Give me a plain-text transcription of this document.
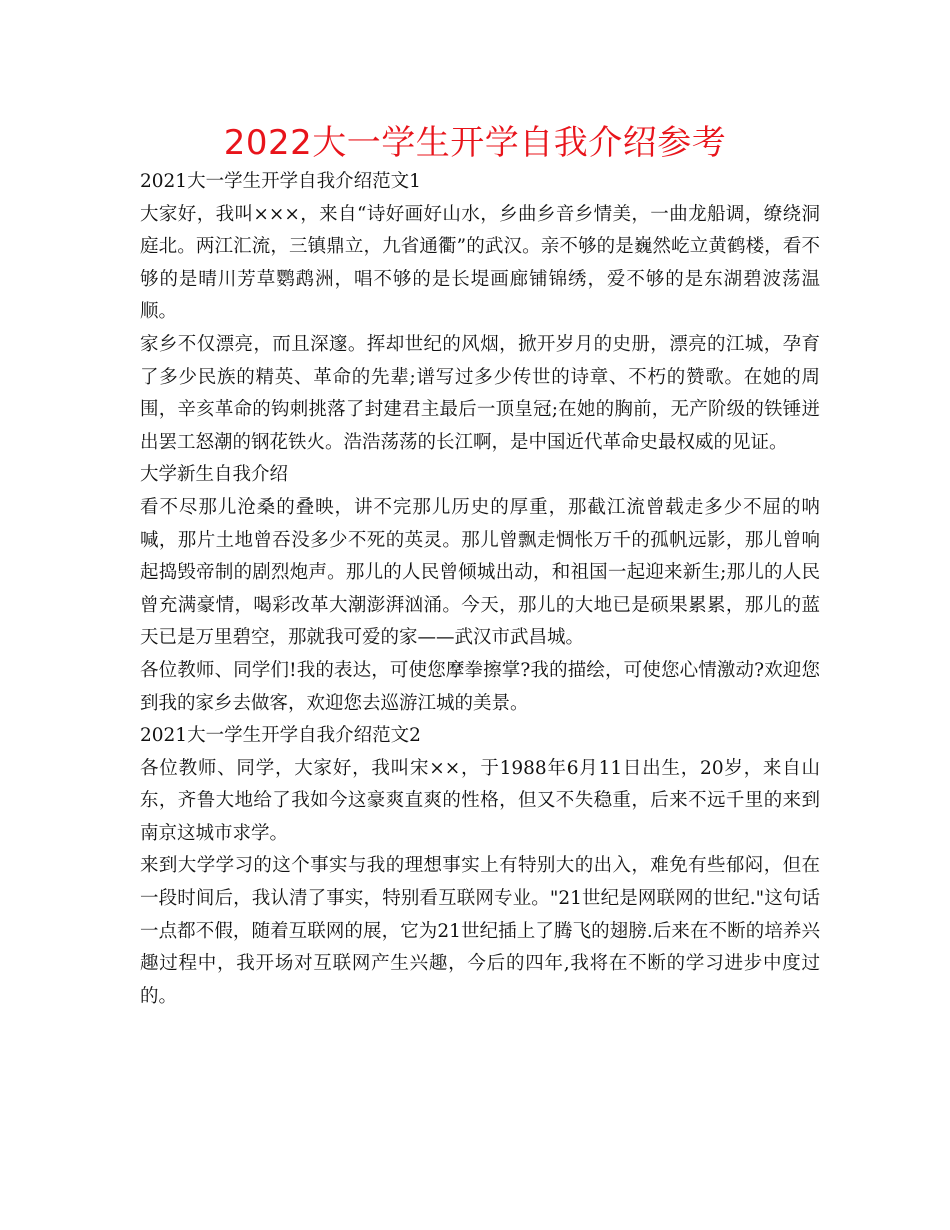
2022大一学生开学自我介绍参考

2021大一学生开学自我介绍范文1

大家好，我叫×××，来自“诗好画好山水，乡曲乡音乡情美，一曲龙船调，缭绕洞庭北。两江汇流，三镇鼎立，九省通衢”的武汉。亲不够的是巍然屹立黄鹤楼，看不够的是晴川芳草鹦鹉洲，唱不够的是长堤画廊铺锦绣，爱不够的是东湖碧波荡温顺。

家乡不仅漂亮，而且深邃。挥却世纪的风烟，掀开岁月的史册，漂亮的江城，孕育了多少民族的精英、革命的先辈;谱写过多少传世的诗章、不朽的赞歌。在她的周围，辛亥革命的钩刺挑落了封建君主最后一顶皇冠;在她的胸前，无产阶级的铁锤迸出罢工怒潮的钢花铁火。浩浩荡荡的长江啊，是中国近代革命史最权威的见证。

大学新生自我介绍

看不尽那儿沧桑的叠映，讲不完那儿历史的厚重，那截江流曾载走多少不屈的呐喊，那片土地曾吞没多少不死的英灵。那儿曾飘走惆怅万千的孤帆远影，那儿曾响起捣毁帝制的剧烈炮声。那儿的人民曾倾城出动，和祖国一起迎来新生;那儿的人民曾充满豪情，喝彩改革大潮澎湃汹涌。今天，那儿的大地已是硕果累累，那儿的蓝天已是万里碧空，那就我可爱的家——武汉市武昌城。

各位教师、同学们!我的表达，可使您摩拳擦掌?我的描绘，可使您心情激动?欢迎您到我的家乡去做客，欢迎您去巡游江城的美景。

2021大一学生开学自我介绍范文2

各位教师、同学，大家好，我叫宋××，于1988年6月11日出生，20岁，来自山东，齐鲁大地给了我如今这豪爽直爽的性格，但又不失稳重，后来不远千里的来到南京这城市求学。

来到大学学习的这个事实与我的理想事实上有特别大的出入，难免有些郁闷，但在一段时间后，我认清了事实，特别看互联网专业。"21世纪是网联网的世纪."这句话一点都不假，随着互联网的展，它为21世纪插上了腾飞的翅膀.后来在不断的培养兴趣过程中，我开场对互联网产生兴趣，今后的四年,我将在不断的学习进步中度过的。
